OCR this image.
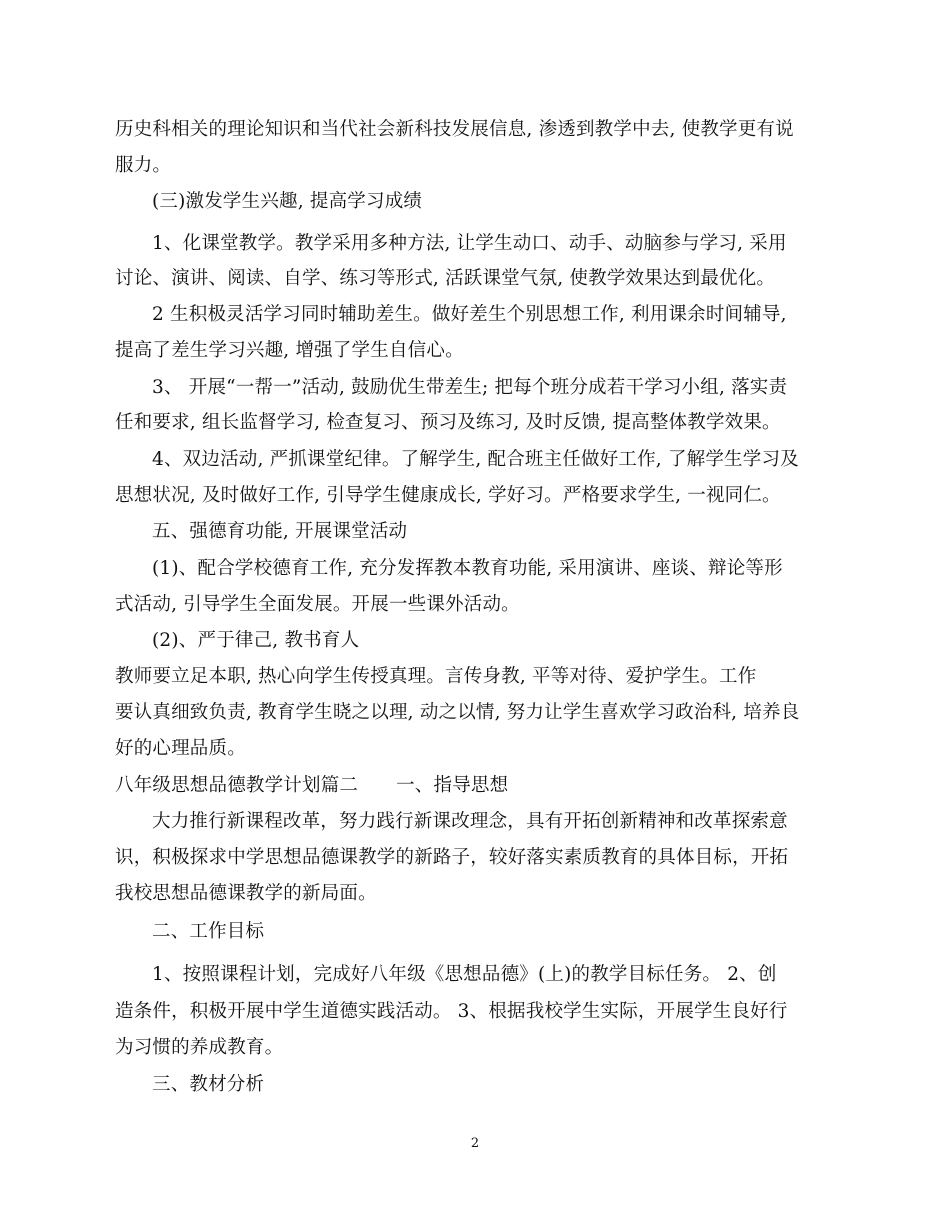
历史科相关的理论知识和当代社会新科技发展信息, 渗透到教学中去, 使教学更有说
服力。
(三)激发学生兴趣, 提高学习成绩
1、化课堂教学。教学采用多种方法, 让学生动口、动手、动脑参与学习, 采用
讨论、演讲、阅读、自学、练习等形式, 活跃课堂气氛, 使教学效果达到最优化。
2 生积极灵活学习同时辅助差生。做好差生个别思想工作, 利用课余时间辅导,
提高了差生学习兴趣, 增强了学生自信心。
3、 开展“一帮一”活动, 鼓励优生带差生; 把每个班分成若干学习小组, 落实责
任和要求, 组长监督学习, 检查复习、预习及练习, 及时反馈, 提高整体教学效果。
4、双边活动, 严抓课堂纪律。了解学生, 配合班主任做好工作, 了解学生学习及
思想状况, 及时做好工作, 引导学生健康成长, 学好习。严格要求学生, 一视同仁。
五、强德育功能, 开展课堂活动
(1)、配合学校德育工作, 充分发挥教本教育功能, 采用演讲、座谈、辩论等形
式活动, 引导学生全面发展。开展一些课外活动。
(2)、严于律己, 教书育人
教师要立足本职, 热心向学生传授真理。言传身教, 平等对待、爱护学生。工作
要认真细致负责, 教育学生晓之以理, 动之以情, 努力让学生喜欢学习政治科, 培养良
好的心理品质。
八年级思想品德教学计划篇二 一、指导思想
大力推行新课程改革，努力践行新课改理念，具有开拓创新精神和改革探索意
识，积极探求中学思想品德课教学的新路子，较好落实素质教育的具体目标，开拓
我校思想品德课教学的新局面。
二、工作目标
1、按照课程计划，完成好八年级《思想品德》(上)的教学目标任务。 2、创
造条件，积极开展中学生道德实践活动。 3、根据我校学生实际，开展学生良好行
为习惯的养成教育。
三、教材分析
2
